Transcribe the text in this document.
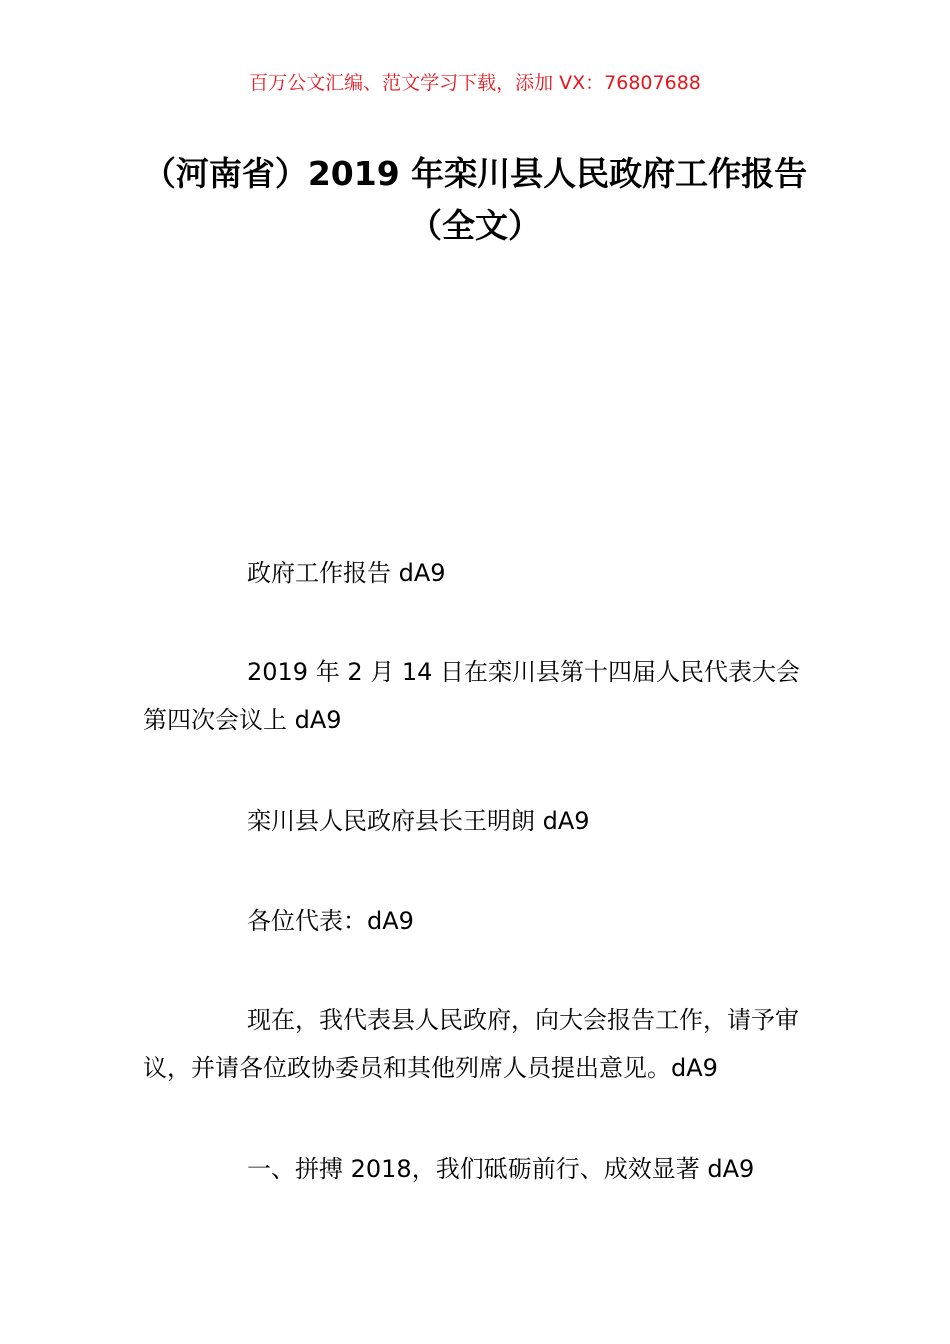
百万公文汇编、范文学习下载，添加 VX：76807688
（河南省）2019 年栾川县人民政府工作报告（全文）
政府工作报告 dA9
2019 年 2 月 14 日在栾川县第十四届人民代表大会第四次会议上 dA9
栾川县人民政府县长王明朗 dA9
各位代表：dA9
现在，我代表县人民政府，向大会报告工作，请予审议，并请各位政协委员和其他列席人员提出意见。dA9
一、拼搏 2018，我们砥砺前行、成效显著 dA9
